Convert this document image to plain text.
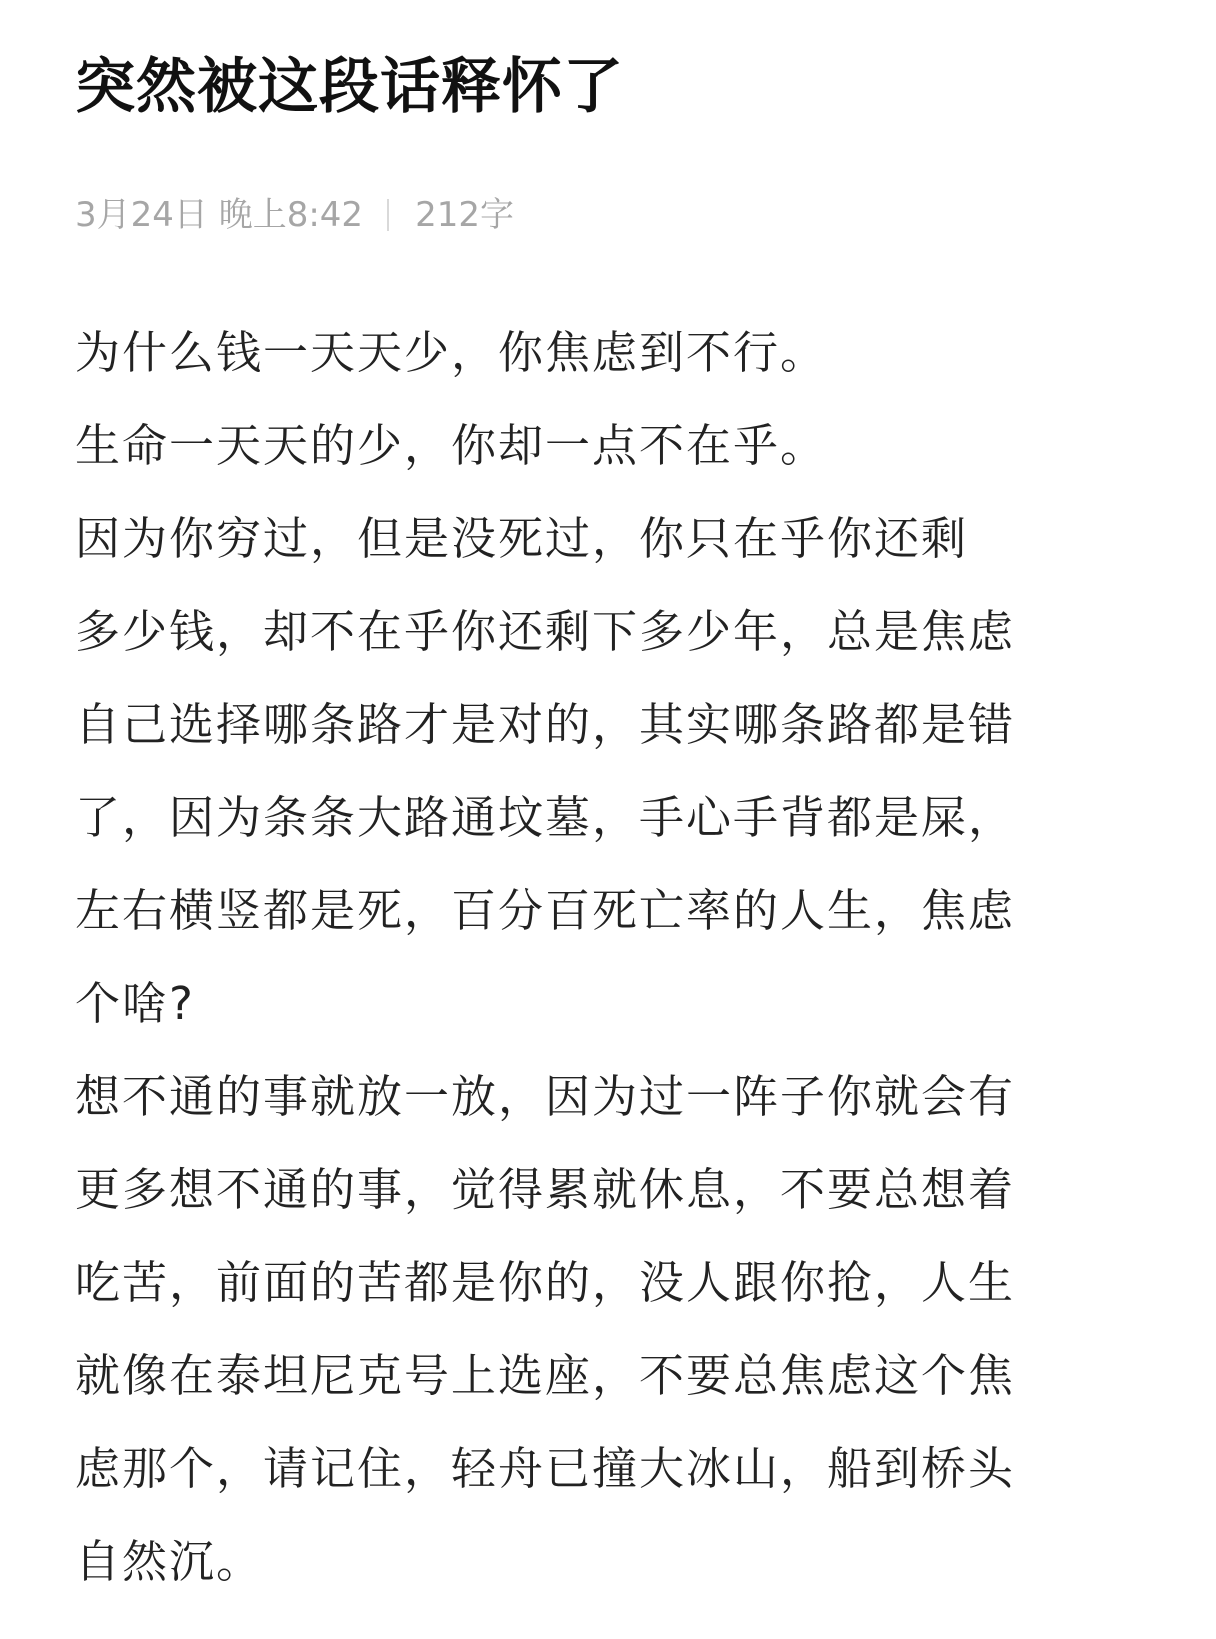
突然被这段话释怀了
3月24日 晚上8:42 212字

为什么钱一天天少，你焦虑到不行。

生命一天天的少，你却一点不在乎。

因为你穷过，但是没死过，你只在乎你还剩

多少钱，却不在乎你还剩下多少年，总是焦虑

自己选择哪条路才是对的，其实哪条路都是错

了，因为条条大路通坟墓，手心手背都是屎，

左右横竖都是死，百分百死亡率的人生，焦虑

个啥?

想不通的事就放一放，因为过一阵子你就会有

更多想不通的事，觉得累就休息，不要总想着

吃苦，前面的苦都是你的，没人跟你抢，人生

就像在泰坦尼克号上选座，不要总焦虑这个焦

虑那个，请记住，轻舟已撞大冰山，船到桥头

自然沉。
